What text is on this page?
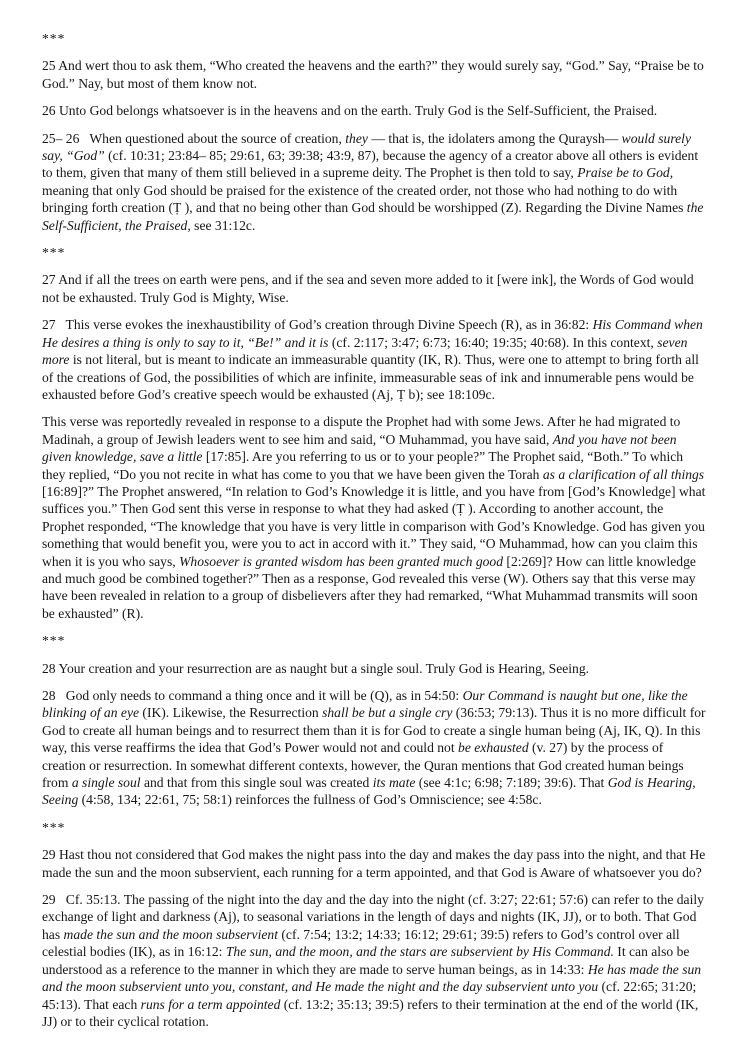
***

25 And wert thou to ask them, “Who created the heavens and the earth?” they would surely say, “God.” Say, “Praise be to God.” Nay, but most of them know not.

26 Unto God belongs whatsoever is in the heavens and on the earth. Truly God is the Self-Sufficient, the Praised.

25– 26   When questioned about the source of creation, they — that is, the idolaters among the Quraysh— would surely say, “God” (cf. 10:31; 23:84– 85; 29:61, 63; 39:38; 43:9, 87), because the agency of a creator above all others is evident to them, given that many of them still believed in a supreme deity. The Prophet is then told to say, Praise be to God, meaning that only God should be praised for the existence of the created order, not those who had nothing to do with bringing forth creation (Ṭ ), and that no being other than God should be worshipped (Z). Regarding the Divine Names the Self-Sufficient, the Praised, see 31:12c.

***

27 And if all the trees on earth were pens, and if the sea and seven more added to it [were ink], the Words of God would not be exhausted. Truly God is Mighty, Wise.

27   This verse evokes the inexhaustibility of God’s creation through Divine Speech (R), as in 36:82: His Command when He desires a thing is only to say to it, “Be!” and it is (cf. 2:117; 3:47; 6:73; 16:40; 19:35; 40:68). In this context, seven more is not literal, but is meant to indicate an immeasurable quantity (IK, R). Thus, were one to attempt to bring forth all of the creations of God, the possibilities of which are infinite, immeasurable seas of ink and innumerable pens would be exhausted before God’s creative speech would be exhausted (Aj, Ṭ b); see 18:109c.

This verse was reportedly revealed in response to a dispute the Prophet had with some Jews. After he had migrated to Madinah, a group of Jewish leaders went to see him and said, “O Muhammad, you have said, And you have not been given knowledge, save a little [17:85]. Are you referring to us or to your people?” The Prophet said, “Both.” To which they replied, “Do you not recite in what has come to you that we have been given the Torah as a clarification of all things [16:89]?” The Prophet answered, “In relation to God’s Knowledge it is little, and you have from [God’s Knowledge] what suffices you.” Then God sent this verse in response to what they had asked (Ṭ ). According to another account, the Prophet responded, “The knowledge that you have is very little in comparison with God’s Knowledge. God has given you something that would benefit you, were you to act in accord with it.” They said, “O Muhammad, how can you claim this when it is you who says, Whosoever is granted wisdom has been granted much good [2:269]? How can little knowledge and much good be combined together?” Then as a response, God revealed this verse (W). Others say that this verse may have been revealed in relation to a group of disbelievers after they had remarked, “What Muhammad transmits will soon be exhausted” (R).

***

28 Your creation and your resurrection are as naught but a single soul. Truly God is Hearing, Seeing.

28   God only needs to command a thing once and it will be (Q), as in 54:50: Our Command is naught but one, like the blinking of an eye (IK). Likewise, the Resurrection shall be but a single cry (36:53; 79:13). Thus it is no more difficult for God to create all human beings and to resurrect them than it is for God to create a single human being (Aj, IK, Q). In this way, this verse reaffirms the idea that God’s Power would not and could not be exhausted (v. 27) by the process of creation or resurrection. In somewhat different contexts, however, the Quran mentions that God created human beings from a single soul and that from this single soul was created its mate (see 4:1c; 6:98; 7:189; 39:6). That God is Hearing, Seeing (4:58, 134; 22:61, 75; 58:1) reinforces the fullness of God’s Omniscience; see 4:58c.

***

29 Hast thou not considered that God makes the night pass into the day and makes the day pass into the night, and that He made the sun and the moon subservient, each running for a term appointed, and that God is Aware of whatsoever you do?

29   Cf. 35:13. The passing of the night into the day and the day into the night (cf. 3:27; 22:61; 57:6) can refer to the daily exchange of light and darkness (Aj), to seasonal variations in the length of days and nights (IK, JJ), or to both. That God has made the sun and the moon subservient (cf. 7:54; 13:2; 14:33; 16:12; 29:61; 39:5) refers to God’s control over all celestial bodies (IK), as in 16:12: The sun, and the moon, and the stars are subservient by His Command. It can also be understood as a reference to the manner in which they are made to serve human beings, as in 14:33: He has made the sun and the moon subservient unto you, constant, and He made the night and the day subservient unto you (cf. 22:65; 31:20; 45:13). That each runs for a term appointed (cf. 13:2; 35:13; 39:5) refers to their termination at the end of the world (IK, JJ) or to their cyclical rotation.
